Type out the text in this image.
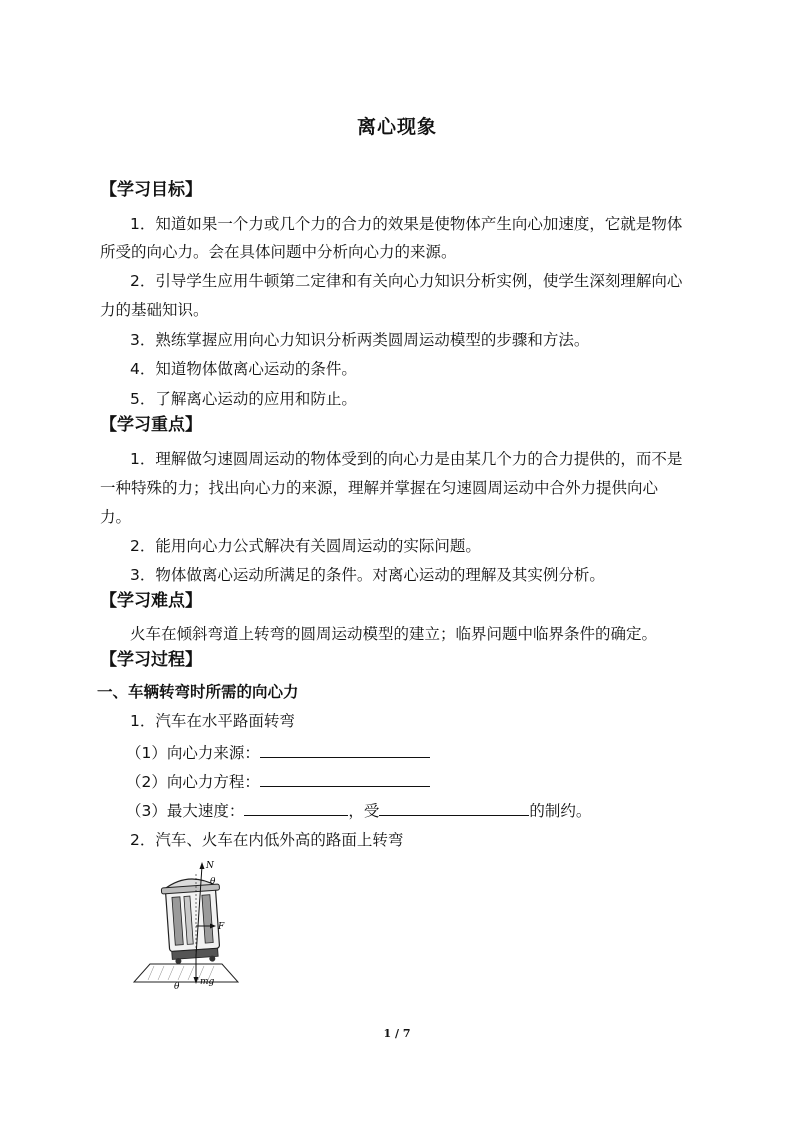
离心现象
【学习目标】
1．知道如果一个力或几个力的合力的效果是使物体产生向心加速度，它就是物体
所受的向心力。会在具体问题中分析向心力的来源。
2．引导学生应用牛顿第二定律和有关向心力知识分析实例，使学生深刻理解向心
力的基础知识。
3．熟练掌握应用向心力知识分析两类圆周运动模型的步骤和方法。
4．知道物体做离心运动的条件。
5．了解离心运动的应用和防止。
【学习重点】
1．理解做匀速圆周运动的物体受到的向心力是由某几个力的合力提供的，而不是
一种特殊的力；找出向心力的来源，理解并掌握在匀速圆周运动中合外力提供向心
力。
2．能用向心力公式解决有关圆周运动的实际问题。
3．物体做离心运动所满足的条件。对离心运动的理解及其实例分析。
【学习难点】
火车在倾斜弯道上转弯的圆周运动模型的建立；临界问题中临界条件的确定。
【学习过程】
一、车辆转弯时所需的向心力
1．汽车在水平路面转弯
（1）向心力来源：
（2）向心力方程：
（3）最大速度：	，受	的制约。
2．汽车、火车在内低外高的路面上转弯
N
θ
F
θ mg
1 / 7
